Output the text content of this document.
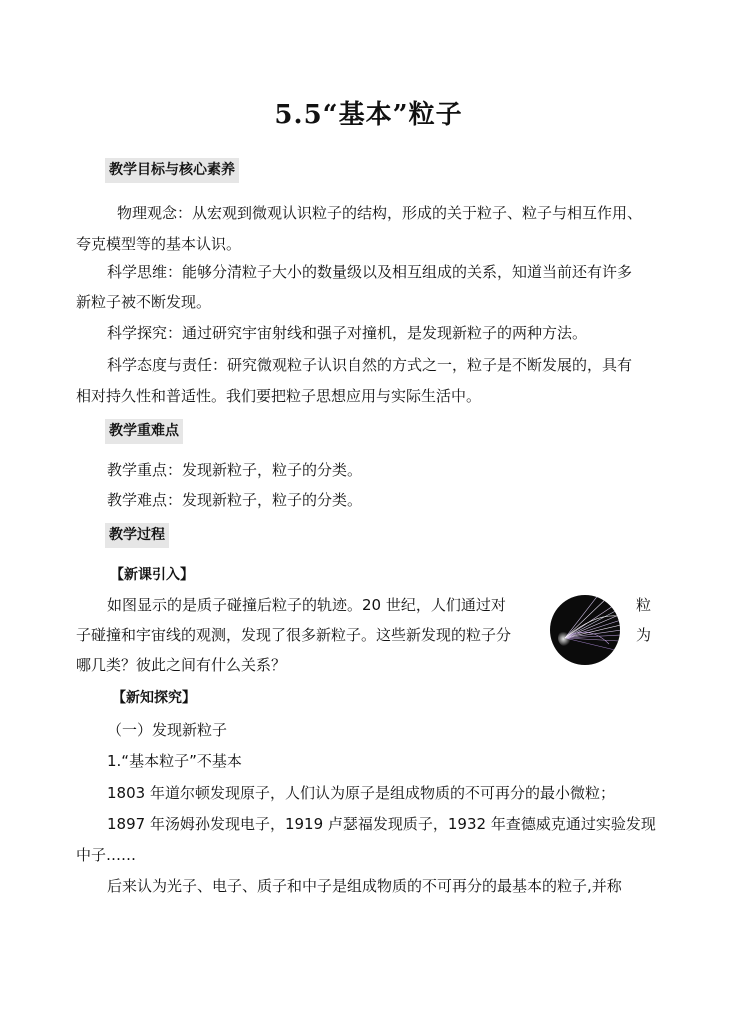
5.5“基本”粒子
教学目标与核心素养
物理观念：从宏观到微观认识粒子的结构，形成的关于粒子、粒子与相互作用、
夸克模型等的基本认识。
科学思维：能够分清粒子大小的数量级以及相互组成的关系，知道当前还有许多
新粒子被不断发现。
科学探究：通过研究宇宙射线和强子对撞机，是发现新粒子的两种方法。
科学态度与责任：研究微观粒子认识自然的方式之一，粒子是不断发展的，具有
相对持久性和普适性。我们要把粒子思想应用与实际生活中。
教学重难点
教学重点：发现新粒子，粒子的分类。
教学难点：发现新粒子，粒子的分类。
教学过程
【新课引入】
如图显示的是质子碰撞后粒子的轨迹。20 世纪，人们通过对	粒
子碰撞和宇宙线的观测，发现了很多新粒子。这些新发现的粒子分	为
哪几类？彼此之间有什么关系？
【新知探究】
（一）发现新粒子
1.“基本粒子”不基本
1803 年道尔顿发现原子，人们认为原子是组成物质的不可再分的最小微粒；
1897 年汤姆孙发现电子，1919 卢瑟福发现质子，1932 年查德威克通过实验发现
中子……
后来认为光子、电子、质子和中子是组成物质的不可再分的最基本的粒子,并称
